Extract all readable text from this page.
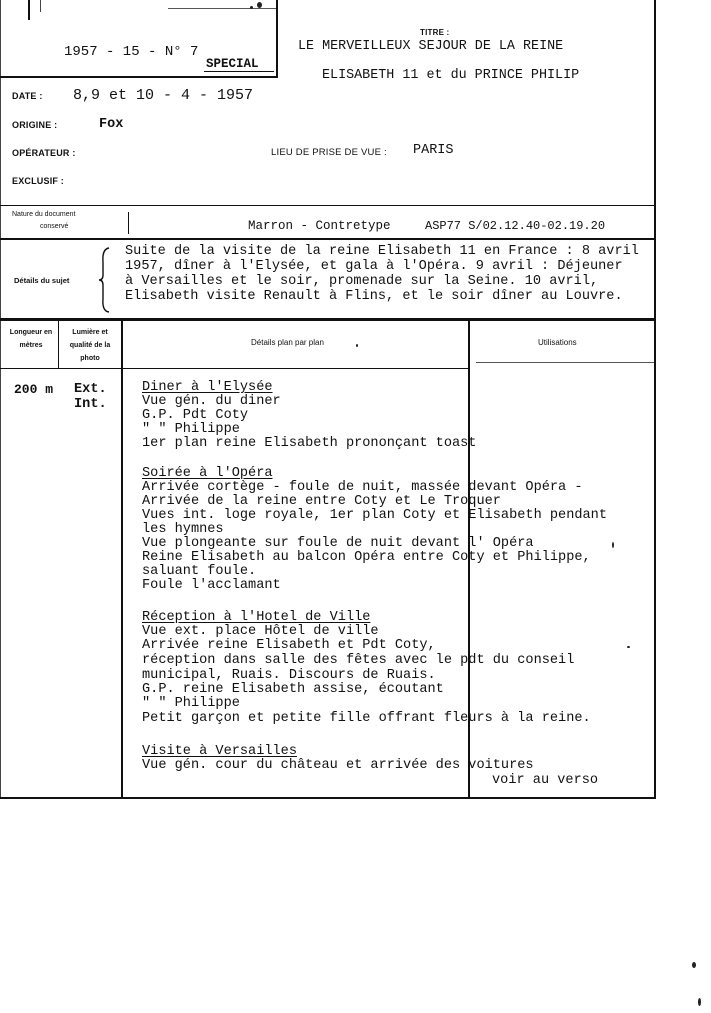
1957 - 15 - N° 7
SPECIAL
TITRE :
LE MERVEILLEUX SEJOUR DE LA REINE
ELISABETH 11 et du PRINCE PHILIP
DATE : 8,9 et 10 - 4 - 1957
ORIGINE :	Fox
OPÉRATEUR :	LIEU DE PRISE DE VUE : PARIS
EXCLUSIF :
Nature du document
conservé	Marron - Contretype	ASP77 S/02.12.40-02.19.20
Détails du sujet
Suite de la visite de la reine Elisabeth 11 en France : 8 avril
1957, dîner à l'Elysée, et gala à l'Opéra. 9 avril : Déjeuner
à Versailles et le soir, promenade sur la Seine. 10 avril,
Elisabeth visite Renault à Flins, et le soir dîner au Louvre.
Longueur en mètres
Lumière et qualité de la photo
Détails plan par plan	Utilisations
200 m Ext.
Int.
Diner à l'Elysée
Vue gén. du diner
G.P. Pdt Coty
" " Philippe
1er plan reine Elisabeth prononçant toast
Soirée à l'Opéra
Arrivée cortège - foule de nuit, massée devant Opéra -
Arrivée de la reine entre Coty et Le Troquer
Vues int. loge royale, 1er plan Coty et Elisabeth pendant
les hymnes
Vue plongeante sur foule de nuit devant l' Opéra
Reine Elisabeth au balcon Opéra entre Coty et Philippe,
saluant foule.
Foule l'acclamant
Réception à l'Hotel de Ville
Vue ext. place Hôtel de ville
Arrivée reine Elisabeth et Pdt Coty,
réception dans salle des fêtes avec le pdt du conseil
municipal, Ruais. Discours de Ruais.
G.P. reine Elisabeth assise, écoutant
" " Philippe
Petit garçon et petite fille offrant fleurs à la reine.
Visite à Versailles
Vue gén. cour du château et arrivée des voitures
voir au verso
